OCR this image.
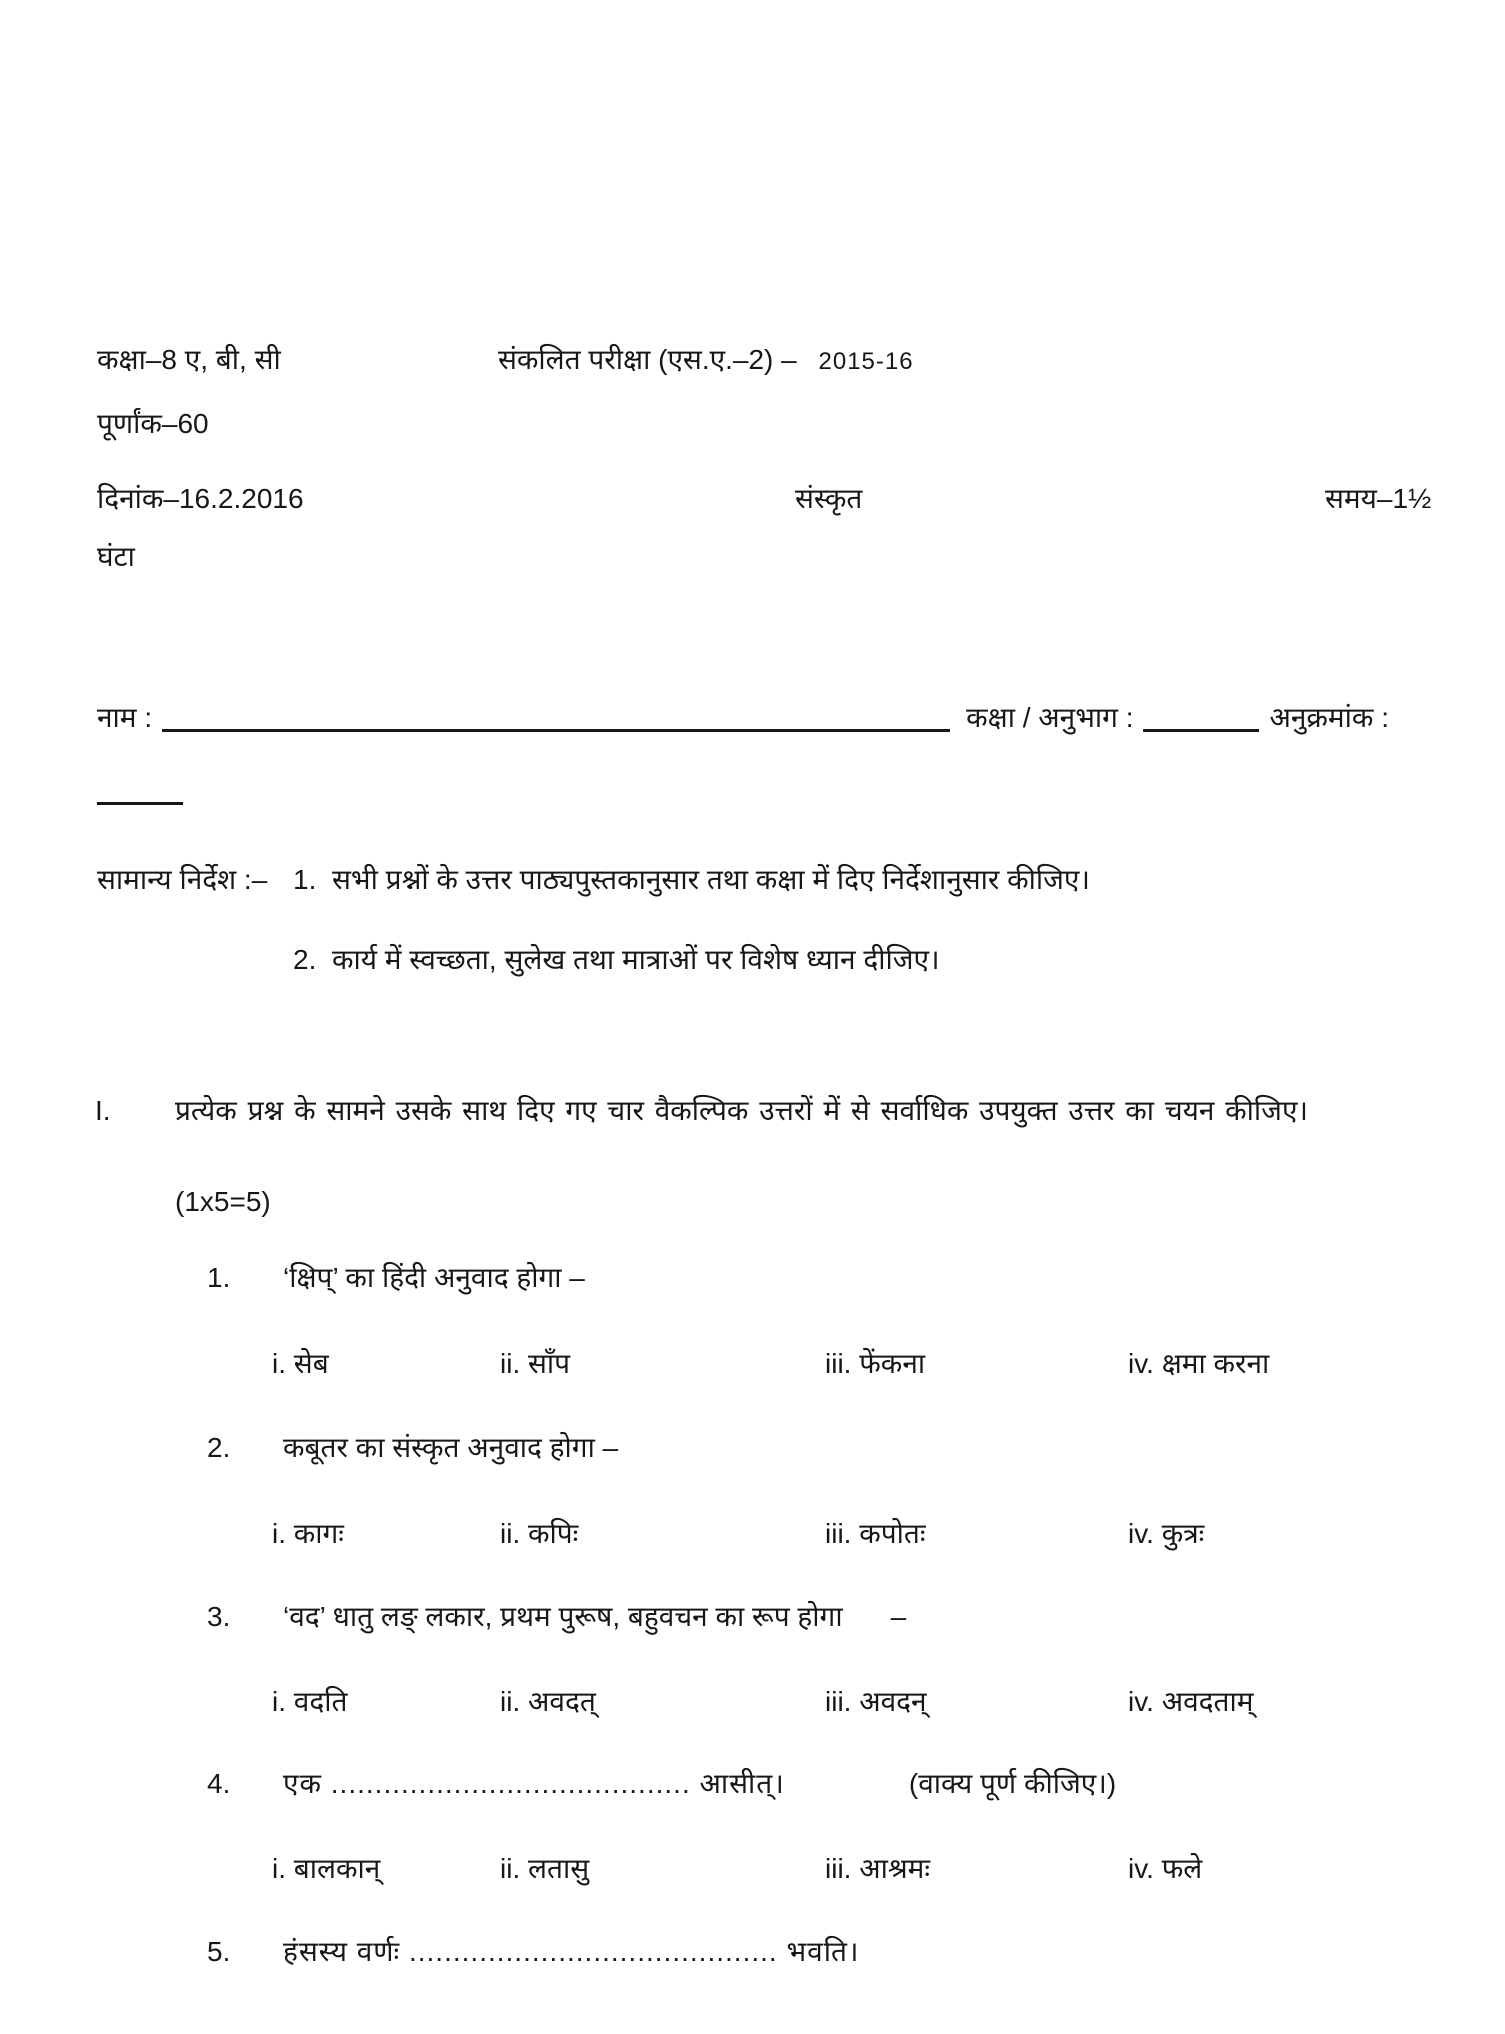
कक्षा–8 ए, बी, सी	संकलित परीक्षा (एस.ए.–2) – 2015-16
पूर्णांक–60
दिनांक–16.2.2016	संस्कृत	समय–1½
घंटा
नाम :	कक्षा / अनुभाग :	अनुक्रमांक :
सामान्य निर्देश :– 1. सभी प्रश्नों के उत्तर पाठ्यपुस्तकानुसार तथा कक्षा में दिए निर्देशानुसार कीजिए।
2. कार्य में स्वच्छता, सुलेख तथा मात्राओं पर विशेष ध्यान दीजिए।
I.	प्रत्येक प्रश्न के सामने उसके साथ दिए गए चार वैकल्पिक उत्तरों में से सर्वाधिक उपयुक्त उत्तर का चयन कीजिए।
(1x5=5)
1.	‘क्षिप्’ का हिंदी अनुवाद होगा –
i. सेब	ii. साँप	iii. फेंकना	iv. क्षमा करना
2.	कबूतर का संस्कृत अनुवाद होगा –
i. कागः	ii. कपिः	iii. कपोतः	iv. कुत्रः
3.	‘वद’ धातु लङ् लकार, प्रथम पुरूष, बहुवचन का रूप होगा –
i. वदति	ii. अवदत्	iii. अवदन्	iv. अवदताम्
4.	एक ......................................... आसीत्।	(वाक्य पूर्ण कीजिए।)
i. बालकान्	ii. लतासु	iii. आश्रमः	iv. फले
5.	हंसस्य वर्णः .......................................... भवति।
